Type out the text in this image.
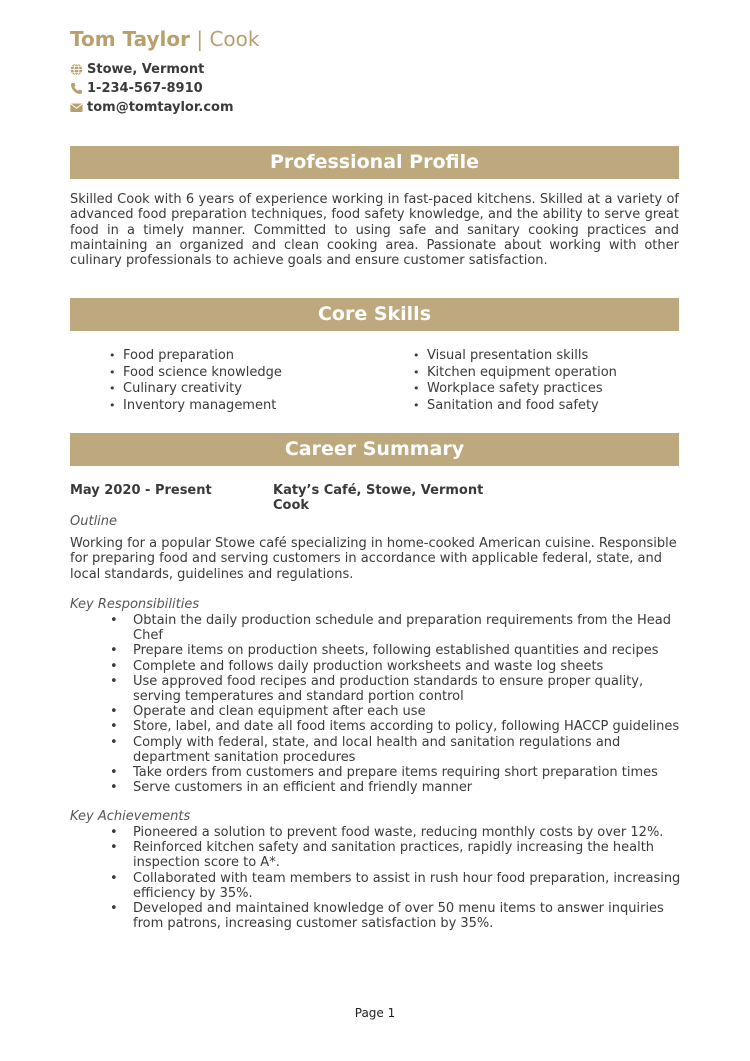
Tom Taylor | Cook
Stowe, Vermont
1-234-567-8910
tom@tomtaylor.com
Professional Profile
Skilled Cook with 6 years of experience working in fast-paced kitchens. Skilled at a variety of advanced food preparation techniques, food safety knowledge, and the ability to serve great food in a timely manner. Committed to using safe and sanitary cooking practices and maintaining an organized and clean cooking area. Passionate about working with other culinary professionals to achieve goals and ensure customer satisfaction.
Core Skills
• Food preparation
• Food science knowledge
• Culinary creativity
• Inventory management
• Visual presentation skills
• Kitchen equipment operation
• Workplace safety practices
• Sanitation and food safety
Career Summary
May 2020 - Present	Katy’s Café, Stowe, Vermont
Cook
Outline
Working for a popular Stowe café specializing in home-cooked American cuisine. Responsible for preparing food and serving customers in accordance with applicable federal, state, and local standards, guidelines and regulations.
Key Responsibilities
• Obtain the daily production schedule and preparation requirements from the Head Chef
• Prepare items on production sheets, following established quantities and recipes
• Complete and follows daily production worksheets and waste log sheets
• Use approved food recipes and production standards to ensure proper quality, serving temperatures and standard portion control
• Operate and clean equipment after each use
• Store, label, and date all food items according to policy, following HACCP guidelines
• Comply with federal, state, and local health and sanitation regulations and department sanitation procedures
• Take orders from customers and prepare items requiring short preparation times
• Serve customers in an efficient and friendly manner
Key Achievements
• Pioneered a solution to prevent food waste, reducing monthly costs by over 12%.
• Reinforced kitchen safety and sanitation practices, rapidly increasing the health inspection score to A*.
• Collaborated with team members to assist in rush hour food preparation, increasing efficiency by 35%.
• Developed and maintained knowledge of over 50 menu items to answer inquiries from patrons, increasing customer satisfaction by 35%.
Page 1
